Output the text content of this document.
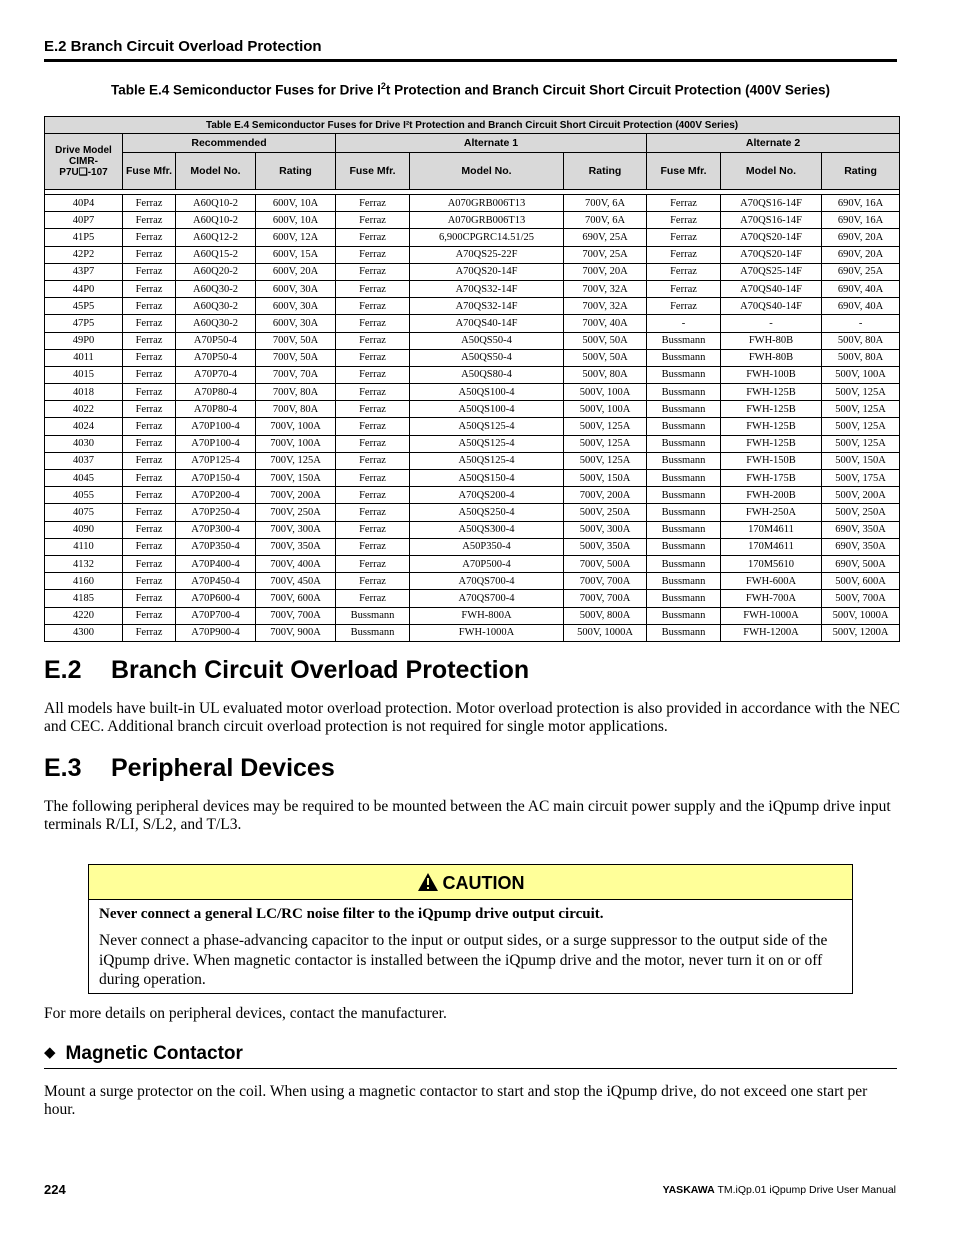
E.2 Branch Circuit Overload Protection
Table E.4 Semiconductor Fuses for Drive $I^2t$ Protection and Branch Circuit Short Circuit Protection (400V Series)
Table E.4 Semiconductor Fuses for Drive I²t Protection and Branch Circuit Short Circuit Protection (400V Series)									
Drive Model CIMR-P7U❑-107	Recommended			Alternate 1			Alternate 2		
	Fuse Mfr.	Model No.	Rating	Fuse Mfr.	Model No.	Rating	Fuse Mfr.	Model No.	Rating

40P4	Ferraz	A60Q10-2	600V, 10A	Ferraz	A070GRB006T13	700V, 6A	Ferraz	A70QS16-14F	690V, 16A
40P7	Ferraz	A60Q10-2	600V, 10A	Ferraz	A070GRB006T13	700V, 6A	Ferraz	A70QS16-14F	690V, 16A
41P5	Ferraz	A60Q12-2	600V, 12A	Ferraz	6,900CPGRC14.51/25	690V, 25A	Ferraz	A70QS20-14F	690V, 20A
42P2	Ferraz	A60Q15-2	600V, 15A	Ferraz	A70QS25-22F	700V, 25A	Ferraz	A70QS20-14F	690V, 20A
43P7	Ferraz	A60Q20-2	600V, 20A	Ferraz	A70QS20-14F	700V, 20A	Ferraz	A70QS25-14F	690V, 25A
44P0	Ferraz	A60Q30-2	600V, 30A	Ferraz	A70QS32-14F	700V, 32A	Ferraz	A70QS40-14F	690V, 40A
45P5	Ferraz	A60Q30-2	600V, 30A	Ferraz	A70QS32-14F	700V, 32A	Ferraz	A70QS40-14F	690V, 40A
47P5	Ferraz	A60Q30-2	600V, 30A	Ferraz	A70QS40-14F	700V, 40A	-	-	-
49P0	Ferraz	A70P50-4	700V, 50A	Ferraz	A50QS50-4	500V, 50A	Bussmann	FWH-80B	500V, 80A
4011	Ferraz	A70P50-4	700V, 50A	Ferraz	A50QS50-4	500V, 50A	Bussmann	FWH-80B	500V, 80A
4015	Ferraz	A70P70-4	700V, 70A	Ferraz	A50QS80-4	500V, 80A	Bussmann	FWH-100B	500V, 100A
4018	Ferraz	A70P80-4	700V, 80A	Ferraz	A50QS100-4	500V, 100A	Bussmann	FWH-125B	500V, 125A
4022	Ferraz	A70P80-4	700V, 80A	Ferraz	A50QS100-4	500V, 100A	Bussmann	FWH-125B	500V, 125A
4024	Ferraz	A70P100-4	700V, 100A	Ferraz	A50QS125-4	500V, 125A	Bussmann	FWH-125B	500V, 125A
4030	Ferraz	A70P100-4	700V, 100A	Ferraz	A50QS125-4	500V, 125A	Bussmann	FWH-125B	500V, 125A
4037	Ferraz	A70P125-4	700V, 125A	Ferraz	A50QS125-4	500V, 125A	Bussmann	FWH-150B	500V, 150A
4045	Ferraz	A70P150-4	700V, 150A	Ferraz	A50QS150-4	500V, 150A	Bussmann	FWH-175B	500V, 175A
4055	Ferraz	A70P200-4	700V, 200A	Ferraz	A70QS200-4	700V, 200A	Bussmann	FWH-200B	500V, 200A
4075	Ferraz	A70P250-4	700V, 250A	Ferraz	A50QS250-4	500V, 250A	Bussmann	FWH-250A	500V, 250A
4090	Ferraz	A70P300-4	700V, 300A	Ferraz	A50QS300-4	500V, 300A	Bussmann	170M4611	690V, 350A
4110	Ferraz	A70P350-4	700V, 350A	Ferraz	A50P350-4	500V, 350A	Bussmann	170M4611	690V, 350A
4132	Ferraz	A70P400-4	700V, 400A	Ferraz	A70P500-4	700V, 500A	Bussmann	170M5610	690V, 500A
4160	Ferraz	A70P450-4	700V, 450A	Ferraz	A70QS700-4	700V, 700A	Bussmann	FWH-600A	500V, 600A
4185	Ferraz	A70P600-4	700V, 600A	Ferraz	A70QS700-4	700V, 700A	Bussmann	FWH-700A	500V, 700A
4220	Ferraz	A70P700-4	700V, 700A	Bussmann	FWH-800A	500V, 800A	Bussmann	FWH-1000A	500V, 1000A
4300	Ferraz	A70P900-4	700V, 900A	Bussmann	FWH-1000A	500V, 1000A	Bussmann	FWH-1200A	500V, 1200A
E.2 Branch Circuit Overload Protection
All models have built-in UL evaluated motor overload protection. Motor overload protection is also provided in accordance with the NEC and CEC. Additional branch circuit overload protection is not required for single motor applications.
E.3 Peripheral Devices
The following peripheral devices may be required to be mounted between the AC main circuit power supply and the iQpump drive input terminals R/LI, S/L2, and T/L3.
CAUTION
Never connect a general LC/RC noise filter to the iQpump drive output circuit.
Never connect a phase-advancing capacitor to the input or output sides, or a surge suppressor to the output side of the iQpump drive. When magnetic contactor is installed between the iQpump drive and the motor, never turn it on or off during operation.
For more details on peripheral devices, contact the manufacturer.
◆ Magnetic Contactor
Mount a surge protector on the coil. When using a magnetic contactor to start and stop the iQpump drive, do not exceed one start per hour.
224	YASKAWA TM.iQp.01 iQpump Drive User Manual
